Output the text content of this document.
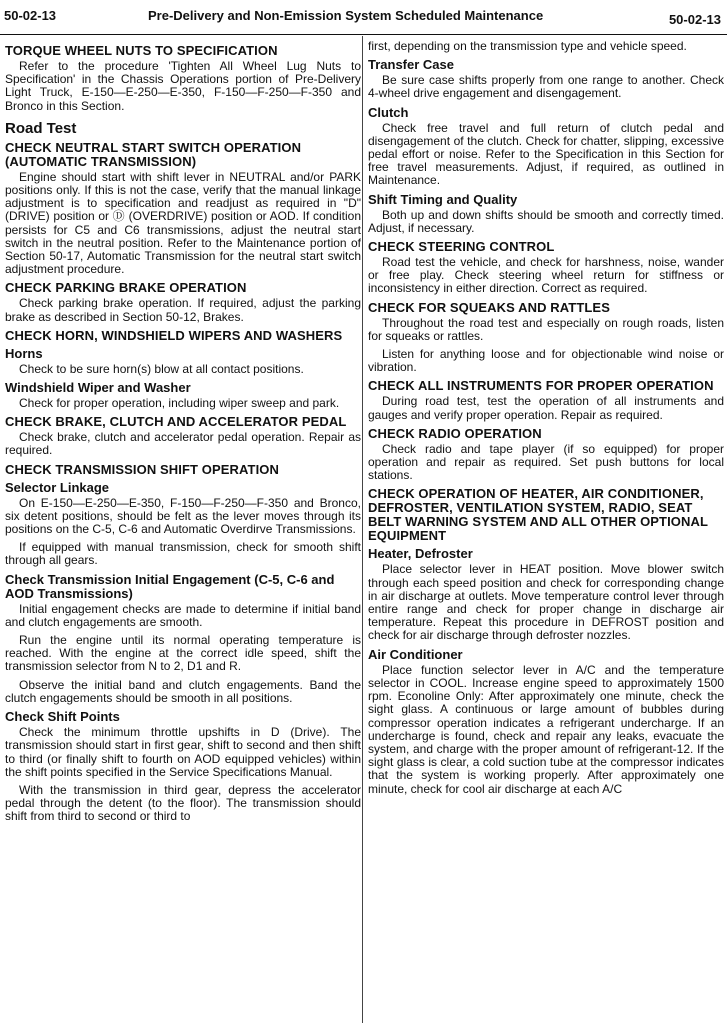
50-02-13	Pre-Delivery and Non-Emission System Scheduled Maintenance	50-02-13
TORQUE WHEEL NUTS TO SPECIFICATION

Refer to the procedure 'Tighten All Wheel Lug Nuts to Specification' in the Chassis Operations portion of Pre-Delivery Light Truck, E-150—E-250—E-350, F-150—F-250—F-350 and Bronco in this Section.

Road Test
CHECK NEUTRAL START SWITCH OPERATION (AUTOMATIC TRANSMISSION)

Engine should start with shift lever in NEUTRAL and/or PARK positions only. If this is not the case, verify that the manual linkage adjustment is to specification and readjust as required in "D" (DRIVE) position or Ⓓ (OVERDRIVE) position or AOD. If condition persists for C5 and C6 transmissions, adjust the neutral start switch in the neutral position. Refer to the Maintenance portion of Section 50-17, Automatic Transmission for the neutral start switch adjustment procedure.

CHECK PARKING BRAKE OPERATION

Check parking brake operation. If required, adjust the parking brake as described in Section 50-12, Brakes.

CHECK HORN, WINDSHIELD WIPERS AND WASHERS
Horns

Check to be sure horn(s) blow at all contact positions.

Windshield Wiper and Washer

Check for proper operation, including wiper sweep and park.

CHECK BRAKE, CLUTCH AND ACCELERATOR PEDAL

Check brake, clutch and accelerator pedal operation. Repair as required.

CHECK TRANSMISSION SHIFT OPERATION
Selector Linkage

On E-150—E-250—E-350, F-150—F-250—F-350 and Bronco, six detent positions, should be felt as the lever moves through its positions on the C-5, C-6 and Automatic Overdirve Transmissions.

If equipped with manual transmission, check for smooth shift through all gears.

Check Transmission Initial Engagement (C-5, C-6 and AOD Transmissions)

Initial engagement checks are made to determine if initial band and clutch engagements are smooth.

Run the engine until its normal operating temperature is reached. With the engine at the correct idle speed, shift the transmission selector from N to 2, D1 and R.

Observe the initial band and clutch engagements. Band the clutch engagements should be smooth in all positions.

Check Shift Points

Check the minimum throttle upshifts in D (Drive). The transmission should start in first gear, shift to second and then shift to third (or finally shift to fourth on AOD equipped vehicles) within the shift points specified in the Service Specifications Manual.

With the transmission in third gear, depress the accelerator pedal through the detent (to the floor). The transmission should shift from third to second or third to

first, depending on the transmission type and vehicle speed.

Transfer Case

Be sure case shifts properly from one range to another. Check 4-wheel drive engagement and disengagement.

Clutch

Check free travel and full return of clutch pedal and disengagement of the clutch. Check for chatter, slipping, excessive pedal effort or noise. Refer to the Specification in this Section for free travel measurements. Adjust, if required, as outlined in Maintenance.

Shift Timing and Quality

Both up and down shifts should be smooth and correctly timed. Adjust, if necessary.

CHECK STEERING CONTROL

Road test the vehicle, and check for harshness, noise, wander or free play. Check steering wheel return for stiffness or inconsistency in either direction. Correct as required.

CHECK FOR SQUEAKS AND RATTLES

Throughout the road test and especially on rough roads, listen for squeaks or rattles.

Listen for anything loose and for objectionable wind noise or vibration.

CHECK ALL INSTRUMENTS FOR PROPER OPERATION

During road test, test the operation of all instruments and gauges and verify proper operation. Repair as required.

CHECK RADIO OPERATION

Check radio and tape player (if so equipped) for proper operation and repair as required. Set push buttons for local stations.

CHECK OPERATION OF HEATER, AIR CONDITIONER, DEFROSTER, VENTILATION SYSTEM, RADIO, SEAT BELT WARNING SYSTEM AND ALL OTHER OPTIONAL EQUIPMENT
Heater, Defroster

Place selector lever in HEAT position. Move blower switch through each speed position and check for corresponding change in air discharge at outlets. Move temperature control lever through entire range and check for proper change in discharge air temperature. Repeat this procedure in DEFROST position and check for air discharge through defroster nozzles.

Air Conditioner

Place function selector lever in A/C and the temperature selector in COOL. Increase engine speed to approximately 1500 rpm. Econoline Only: After approximately one minute, check the sight glass. A continuous or large amount of bubbles during compressor operation indicates a refrigerant undercharge. If an undercharge is found, check and repair any leaks, evacuate the system, and charge with the proper amount of refrigerant-12. If the sight glass is clear, a cold suction tube at the compressor indicates that the system is working properly. After approximately one minute, check for cool air discharge at each A/C
